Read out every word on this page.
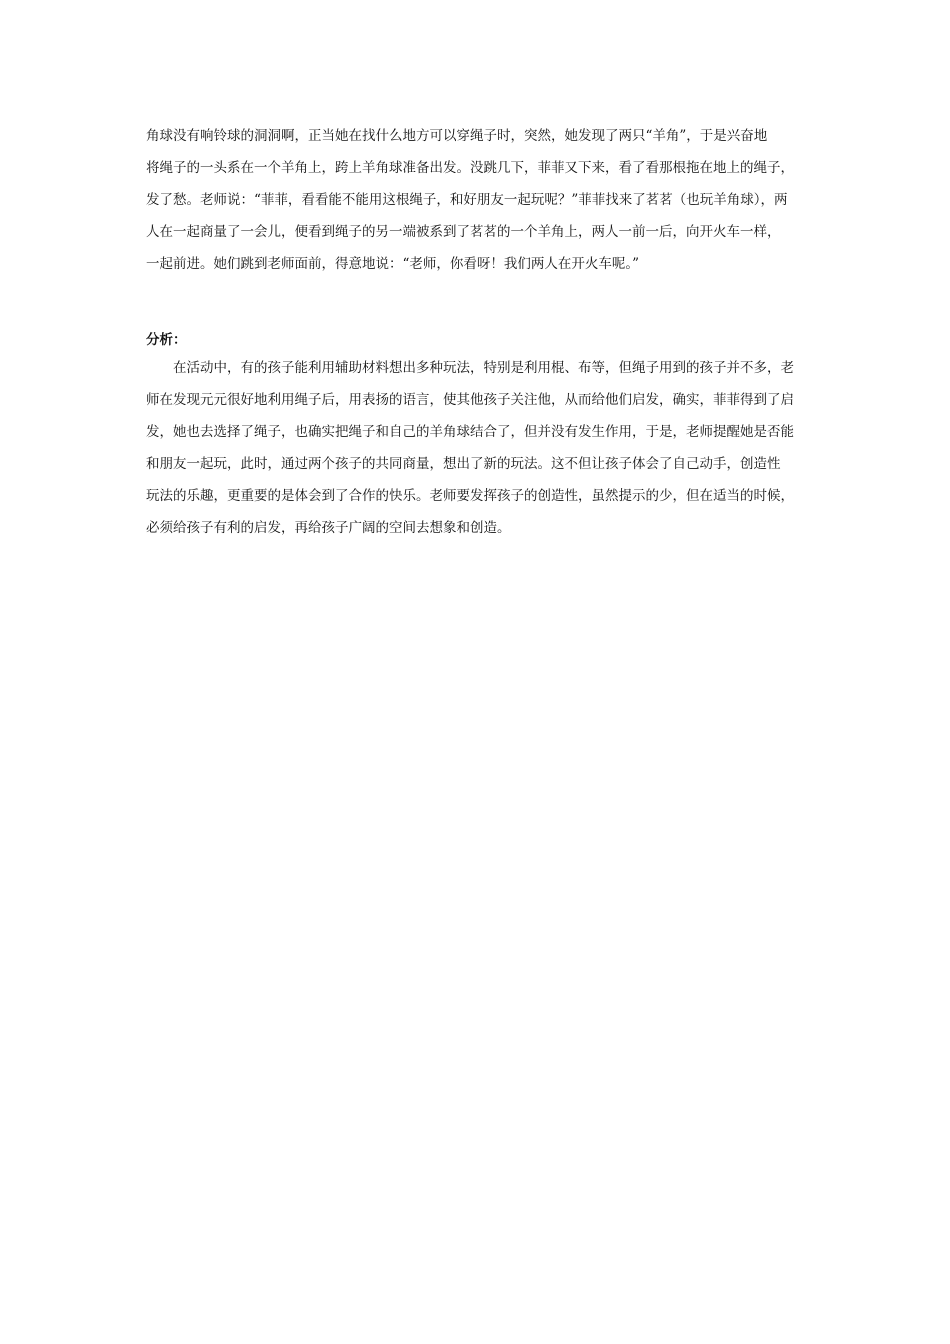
角球没有响铃球的洞洞啊，正当她在找什么地方可以穿绳子时，突然，她发现了两只“羊角”，于是兴奋地
将绳子的一头系在一个羊角上，跨上羊角球准备出发。没跳几下，菲菲又下来，看了看那根拖在地上的绳子，
发了愁。老师说：“菲菲，看看能不能用这根绳子，和好朋友一起玩呢？”菲菲找来了茗茗（也玩羊角球），两
人在一起商量了一会儿，便看到绳子的另一端被系到了茗茗的一个羊角上，两人一前一后，向开火车一样，
一起前进。她们跳到老师面前，得意地说：“老师，你看呀！我们两人在开火车呢。”
分析：
在活动中，有的孩子能利用辅助材料想出多种玩法，特别是利用棍、布等，但绳子用到的孩子并不多，老
师在发现元元很好地利用绳子后，用表扬的语言，使其他孩子关注他，从而给他们启发，确实，菲菲得到了启
发，她也去选择了绳子，也确实把绳子和自己的羊角球结合了，但并没有发生作用，于是，老师提醒她是否能
和朋友一起玩，此时，通过两个孩子的共同商量，想出了新的玩法。这不但让孩子体会了自己动手，创造性
玩法的乐趣，更重要的是体会到了合作的快乐。老师要发挥孩子的创造性，虽然提示的少，但在适当的时候，
必须给孩子有利的启发，再给孩子广阔的空间去想象和创造。
